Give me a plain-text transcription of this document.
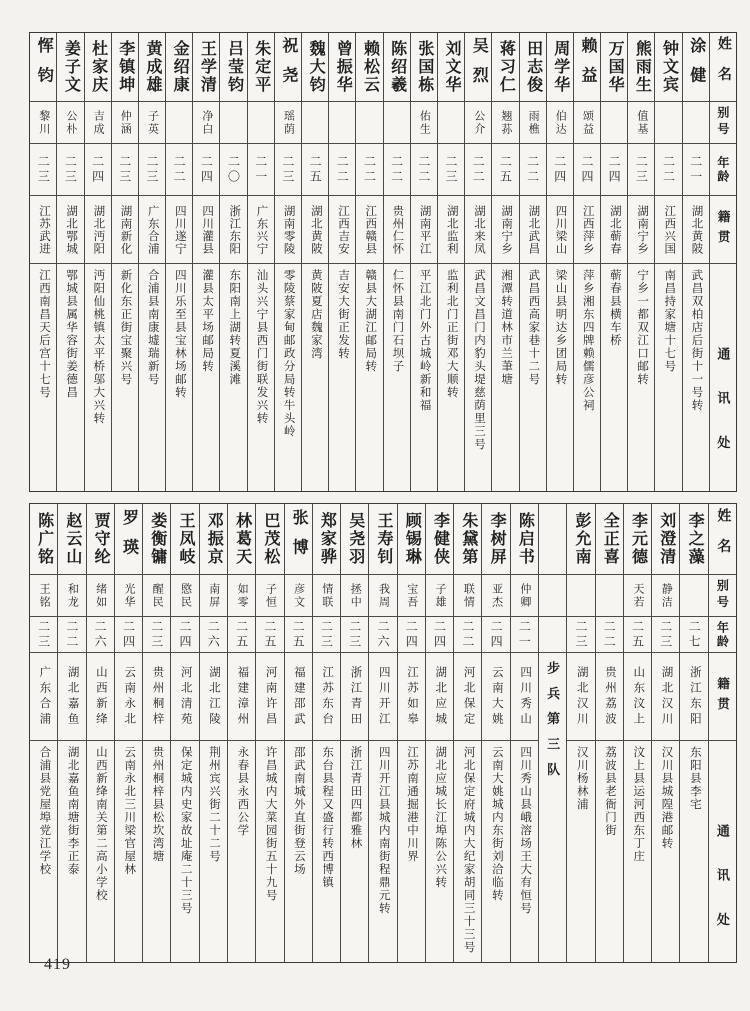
姓名
别号
年龄
籍贯
通讯处
涂健
二一
湖北黄陂
武昌双柏店后街十一号转
钟文宾
二二
江西兴国
南昌持家塘十七号
熊雨生
值基
二三
湖南宁乡
宁乡一都双江口邮转
万国华
二四
湖北蕲春
蕲春县横车桥
赖益
颂益
二四
江西萍乡
萍乡湘东四牌赖儒彦公祠
周学华
伯达
二四
四川梁山
梁山县明达乡团局转
田志俊
雨樵
二二
湖北武昌
武昌西高家巷十二号
蒋习仁
翘荪
二五
湖南宁乡
湘潭转道林市兰茟塘
吴烈
公介
二二
湖北来凤
武昌文昌门内豹头堤慈荫里三号
刘文华
二三
湖北监利
监利北门正街邓大顺转
张国栋
佑生
二二
湖南平江
平江北门外古城岭新和福
陈绍羲
二二
贵州仁怀
仁怀县南门石坝子
赖松云
二二
江西赣县
赣县大湖江邮局转
曾振华
二二
江西吉安
吉安大街正发转
魏大钧
二五
湖北黄陂
黄陂夏店魏家湾
祝尧
瑶荫
二三
湖南零陵
零陵蔡家甸邮政分局转牛头岭
朱定平
二一
广东兴宁
汕头兴宁县西门街联发兴转
吕莹钧
二〇
浙江东阳
东阳南上湖转夏溪滩
王学清
净白
二四
四川灌县
灌县太平场邮局转
金绍康
二二
四川遂宁
四川乐至县宝林场邮转
黄成雄
子英
二三
广东合浦
合浦县南康墟瑞新号
李镇坤
仲涵
二三
湖南新化
新化东正街宝聚兴号
杜家庆
吉成
二四
湖北沔阳
沔阳仙桃镇太平桥邬大兴转
姜子文
公朴
二三
湖北鄂城
鄂城县属华容街姜德昌
恽钧
黎川
二三
江苏武进
江西南昌天后宫十七号
姓名
别号
年龄
籍贯
通讯处
李之藻
二七
浙江东阳
东阳县李宅
刘澄清
静洁
二三
湖北汉川
汉川县城隍港邮转
李元德
天若
二五
山东汶上
汶上县运河西东丁庄
全正喜
二二
贵州荔波
荔波县老衙门街
彭允南
二三
湖北汉川
汉川杨林浦
步兵第三队
陈启书
仲卿
二一
四川秀山
四川秀山县峨溶场王大有恒号
李树屏
亚杰
二四
云南大姚
云南大姚城内东街刘洽临转
朱黛第
联情
二二
河北保定
河北保定府城内大纪家胡同三十三号
李健侠
子雄
二四
湖北应城
湖北应城长江埠陈公兴转
顾锡琳
宝吾
二四
江苏如皋
江苏南通掘港中川界
王寿钊
我周
二六
四川开江
四川开江县城内南街程鼎元转
吴尧羽
拯中
二三
浙江青田
浙江青田四都雅林
郑家骅
情联
二三
江苏东台
东台县程又盛行转西博镇
张博
彦文
二五
福建邵武
邵武南城外直街登云场
巴茂松
子恒
二五
河南许昌
许昌城内大菜园街五十九号
林葛天
如零
二五
福建漳州
永春县永西公学
邓振京
南屏
二六
湖北江陵
荆州宾兴街二十二号
王凤岐
愍民
二四
河北清苑
保定城内史家故址庵二十三号
娄衡镛
醒民
二三
贵州桐梓
贵州桐梓县松坎湾塘
罗瑛
光华
二四
云南永北
云南永北三川梁官屋林
贾守纶
绪如
二六
山西新绛
山西新绛南关第二高小学校
赵云山
和龙
二二
湖北嘉鱼
湖北嘉鱼南塘街李正泰
陈广铭
王铭
二三
广东合浦
合浦县党屋埠党江学校
419
